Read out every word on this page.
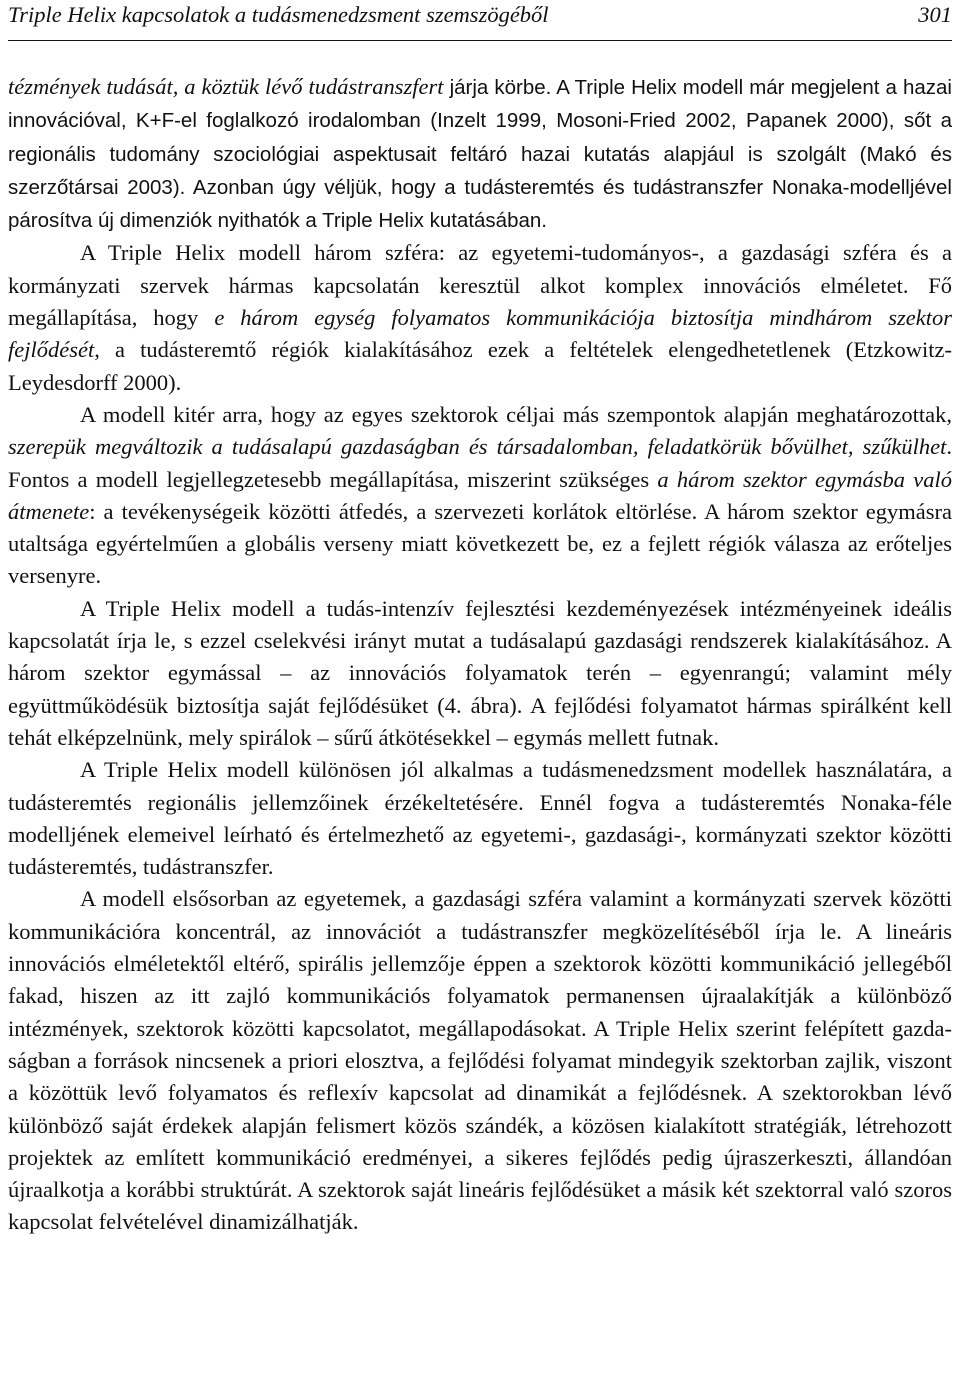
Triple Helix kapcsolatok a tudásmenedzsment szemszögéből	301

tézmények tudását, a köztük lévő tudástranszfert járja körbe. A Triple Helix modell már megjelent a hazai innovációval, K+F-el foglalkozó irodalomban (Inzelt 1999, Mosoni-Fried 2002, Papanek 2000), sőt a regionális tudomány szociológiai aspektusait feltáró hazai kutatás alapjául is szolgált (Makó és szerzőtársai 2003). Azonban úgy véljük, hogy a tudásteremtés és tudástranszfer Nonaka-modelljével párosítva új dimenziók nyithatók a Triple Helix kutatásában.

A Triple Helix modell három szféra: az egyetemi-tudományos-, a gazdasági szféra és a kormányzati szervek hármas kapcsolatán keresztül alkot komplex innovációs elméletet. Fő megállapítása, hogy e három egység folyamatos kommunikációja biztosítja mindhárom szektor fejlődését, a tudásteremtő régiók kialakításához ezek a feltételek elengedhetetlenek (Etzkowitz-Leydesdorff 2000).

A modell kitér arra, hogy az egyes szektorok céljai más szempontok alapján meghatározottak, szerepük megváltozik a tudásalapú gazdaságban és társadalomban, feladatkörük bővülhet, szűkülhet. Fontos a modell legjellegzetesebb megállapítása, miszerint szükséges a három szektor egymásba való átmenete: a tevékenységeik közötti átfedés, a szervezeti korlátok eltörlése. A három szektor egymásra utaltsága egyértelműen a globális verseny miatt következett be, ez a fejlett régiók válasza az erőteljes versenyre.

A Triple Helix modell a tudás-intenzív fejlesztési kezdeményezések intézményeinek ideális kapcsolatát írja le, s ezzel cselekvési irányt mutat a tudásalapú gazdasági rendszerek kialakításához. A három szektor egymással – az innovációs folyamatok terén – egyenrangú; valamint mély együttműködésük biztosítja saját fejlődésüket (4. ábra). A fejlődési folyamatot hármas spirálként kell tehát elképzelnünk, mely spirálok – sűrű átkötésekkel – egymás mellett futnak.

A Triple Helix modell különösen jól alkalmas a tudásmenedzsment modellek használatára, a tudásteremtés regionális jellemzőinek érzékeltetésére. Ennél fogva a tudásteremtés Nonaka-féle modelljének elemeivel leírható és értelmezhető az egyetemi-, gazdasági-, kormányzati szektor közötti tudásteremtés, tudástranszfer.

A modell elsősorban az egyetemek, a gazdasági szféra valamint a kormányzati szervek közötti kommunikációra koncentrál, az innovációt a tudástranszfer megközelítéséből írja le. A lineáris innovációs elméletektől eltérő, spirális jellemzője éppen a szektorok közötti kommunikáció jellegéből fakad, hiszen az itt zajló kommunikációs folyamatok permanensen újraalakítják a különböző intézmények, szektorok közötti kapcsolatot, megállapodásokat. A Triple Helix szerint felépített gazdaságban a források nincsenek a priori elosztva, a fejlődési folyamat mindegyik szektorban zajlik, viszont a közöttük levő folyamatos és reflexív kapcsolat ad dinamikát a fejlődésnek. A szektorokban lévő különböző saját érdekek alapján felismert közös szándék, a közösen kialakított stratégiák, létrehozott projektek az említett kommunikáció eredményei, a sikeres fejlődés pedig újraszerkeszti, állandóan újraalkotja a korábbi struktúrát. A szektorok saját lineáris fejlődésüket a másik két szektorral való szoros kapcsolat felvételével dinamizálhatják.
